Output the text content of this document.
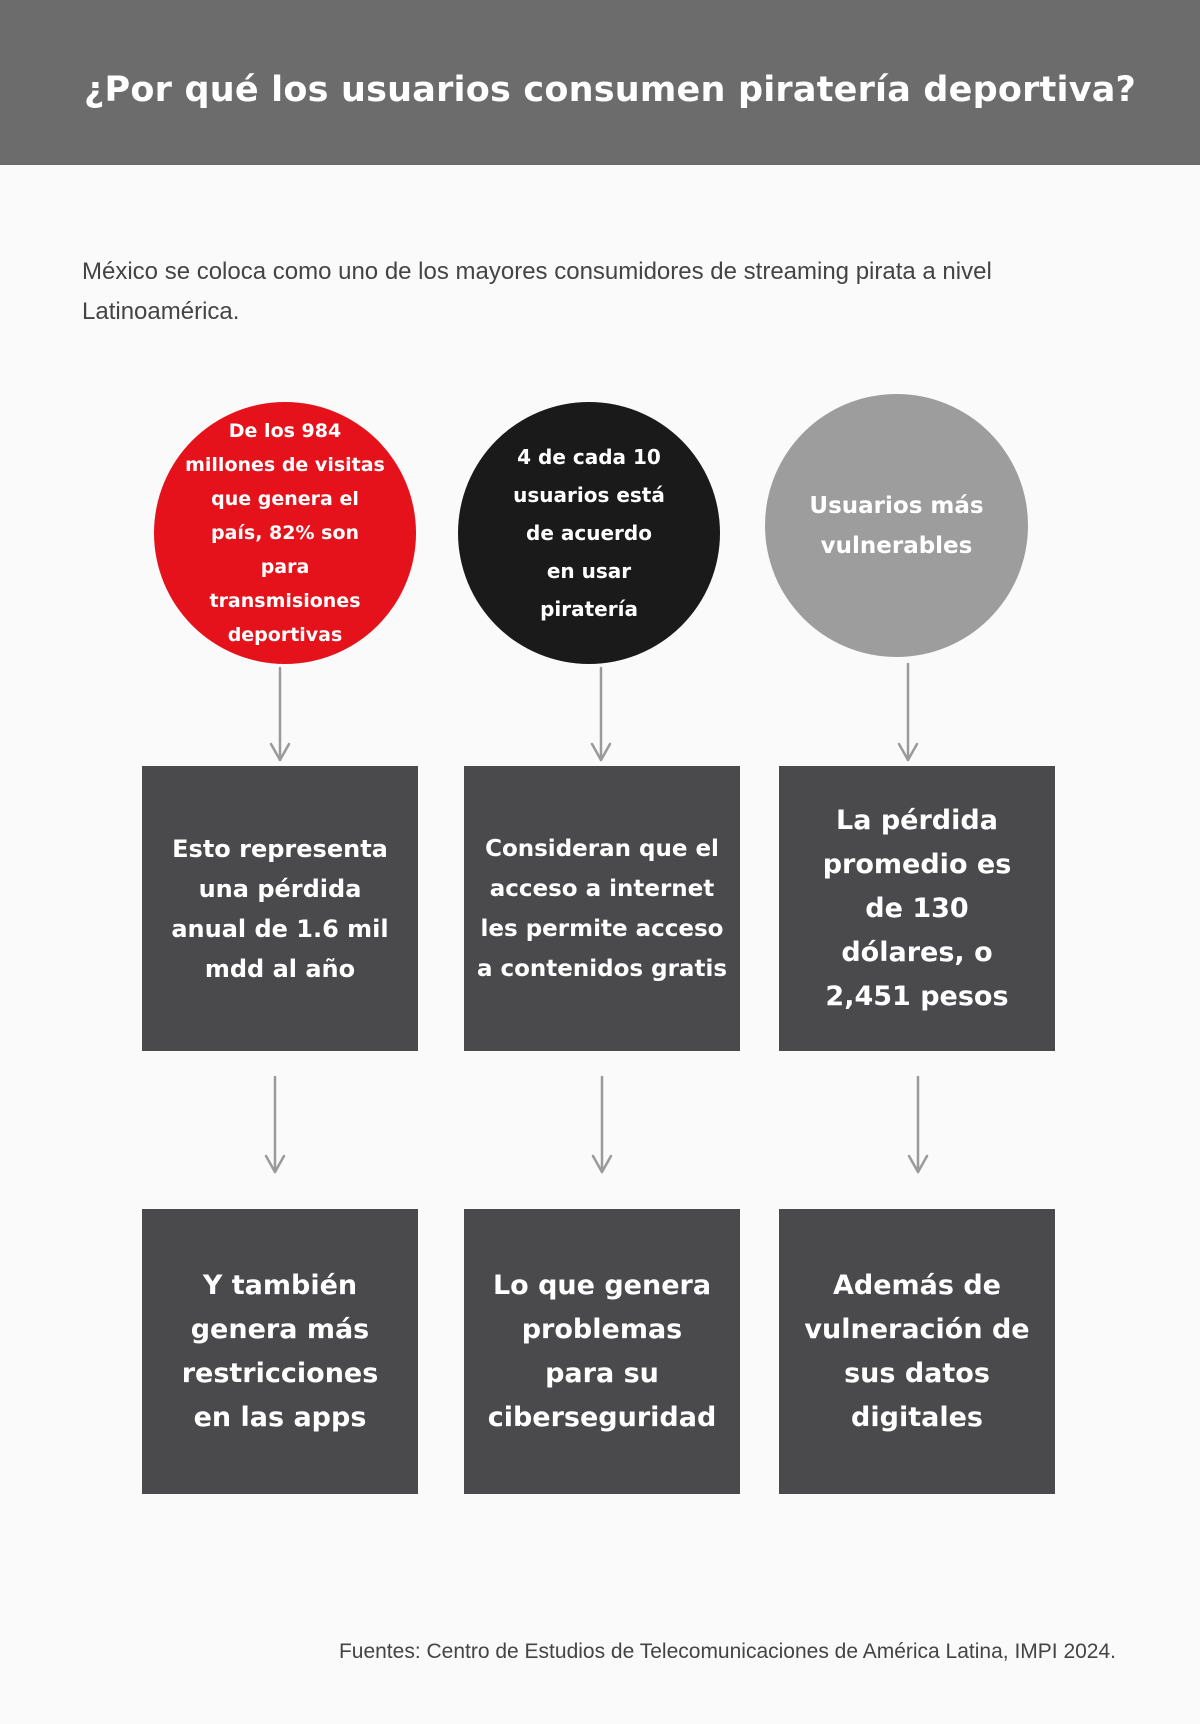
¿Por qué los usuarios consumen piratería deportiva?

México se coloca como uno de los mayores consumidores de streaming pirata a nivel Latinoamérica.

De los 984 millones de visitas que genera el país, 82% son para transmisiones deportivas
4 de cada 10 usuarios está de acuerdo en usar piratería
Usuarios más vulnerables
Esto representa una pérdida anual de 1.6 mil mdd al año
Consideran que el acceso a internet les permite acceso a contenidos gratis
La pérdida promedio es de 130 dólares, o 2,451 pesos
Y también genera más restricciones en las apps
Lo que genera problemas para su ciberseguridad
Además de vulneración de sus datos digitales

Fuentes: Centro de Estudios de Telecomunicaciones de América Latina, IMPI 2024.
